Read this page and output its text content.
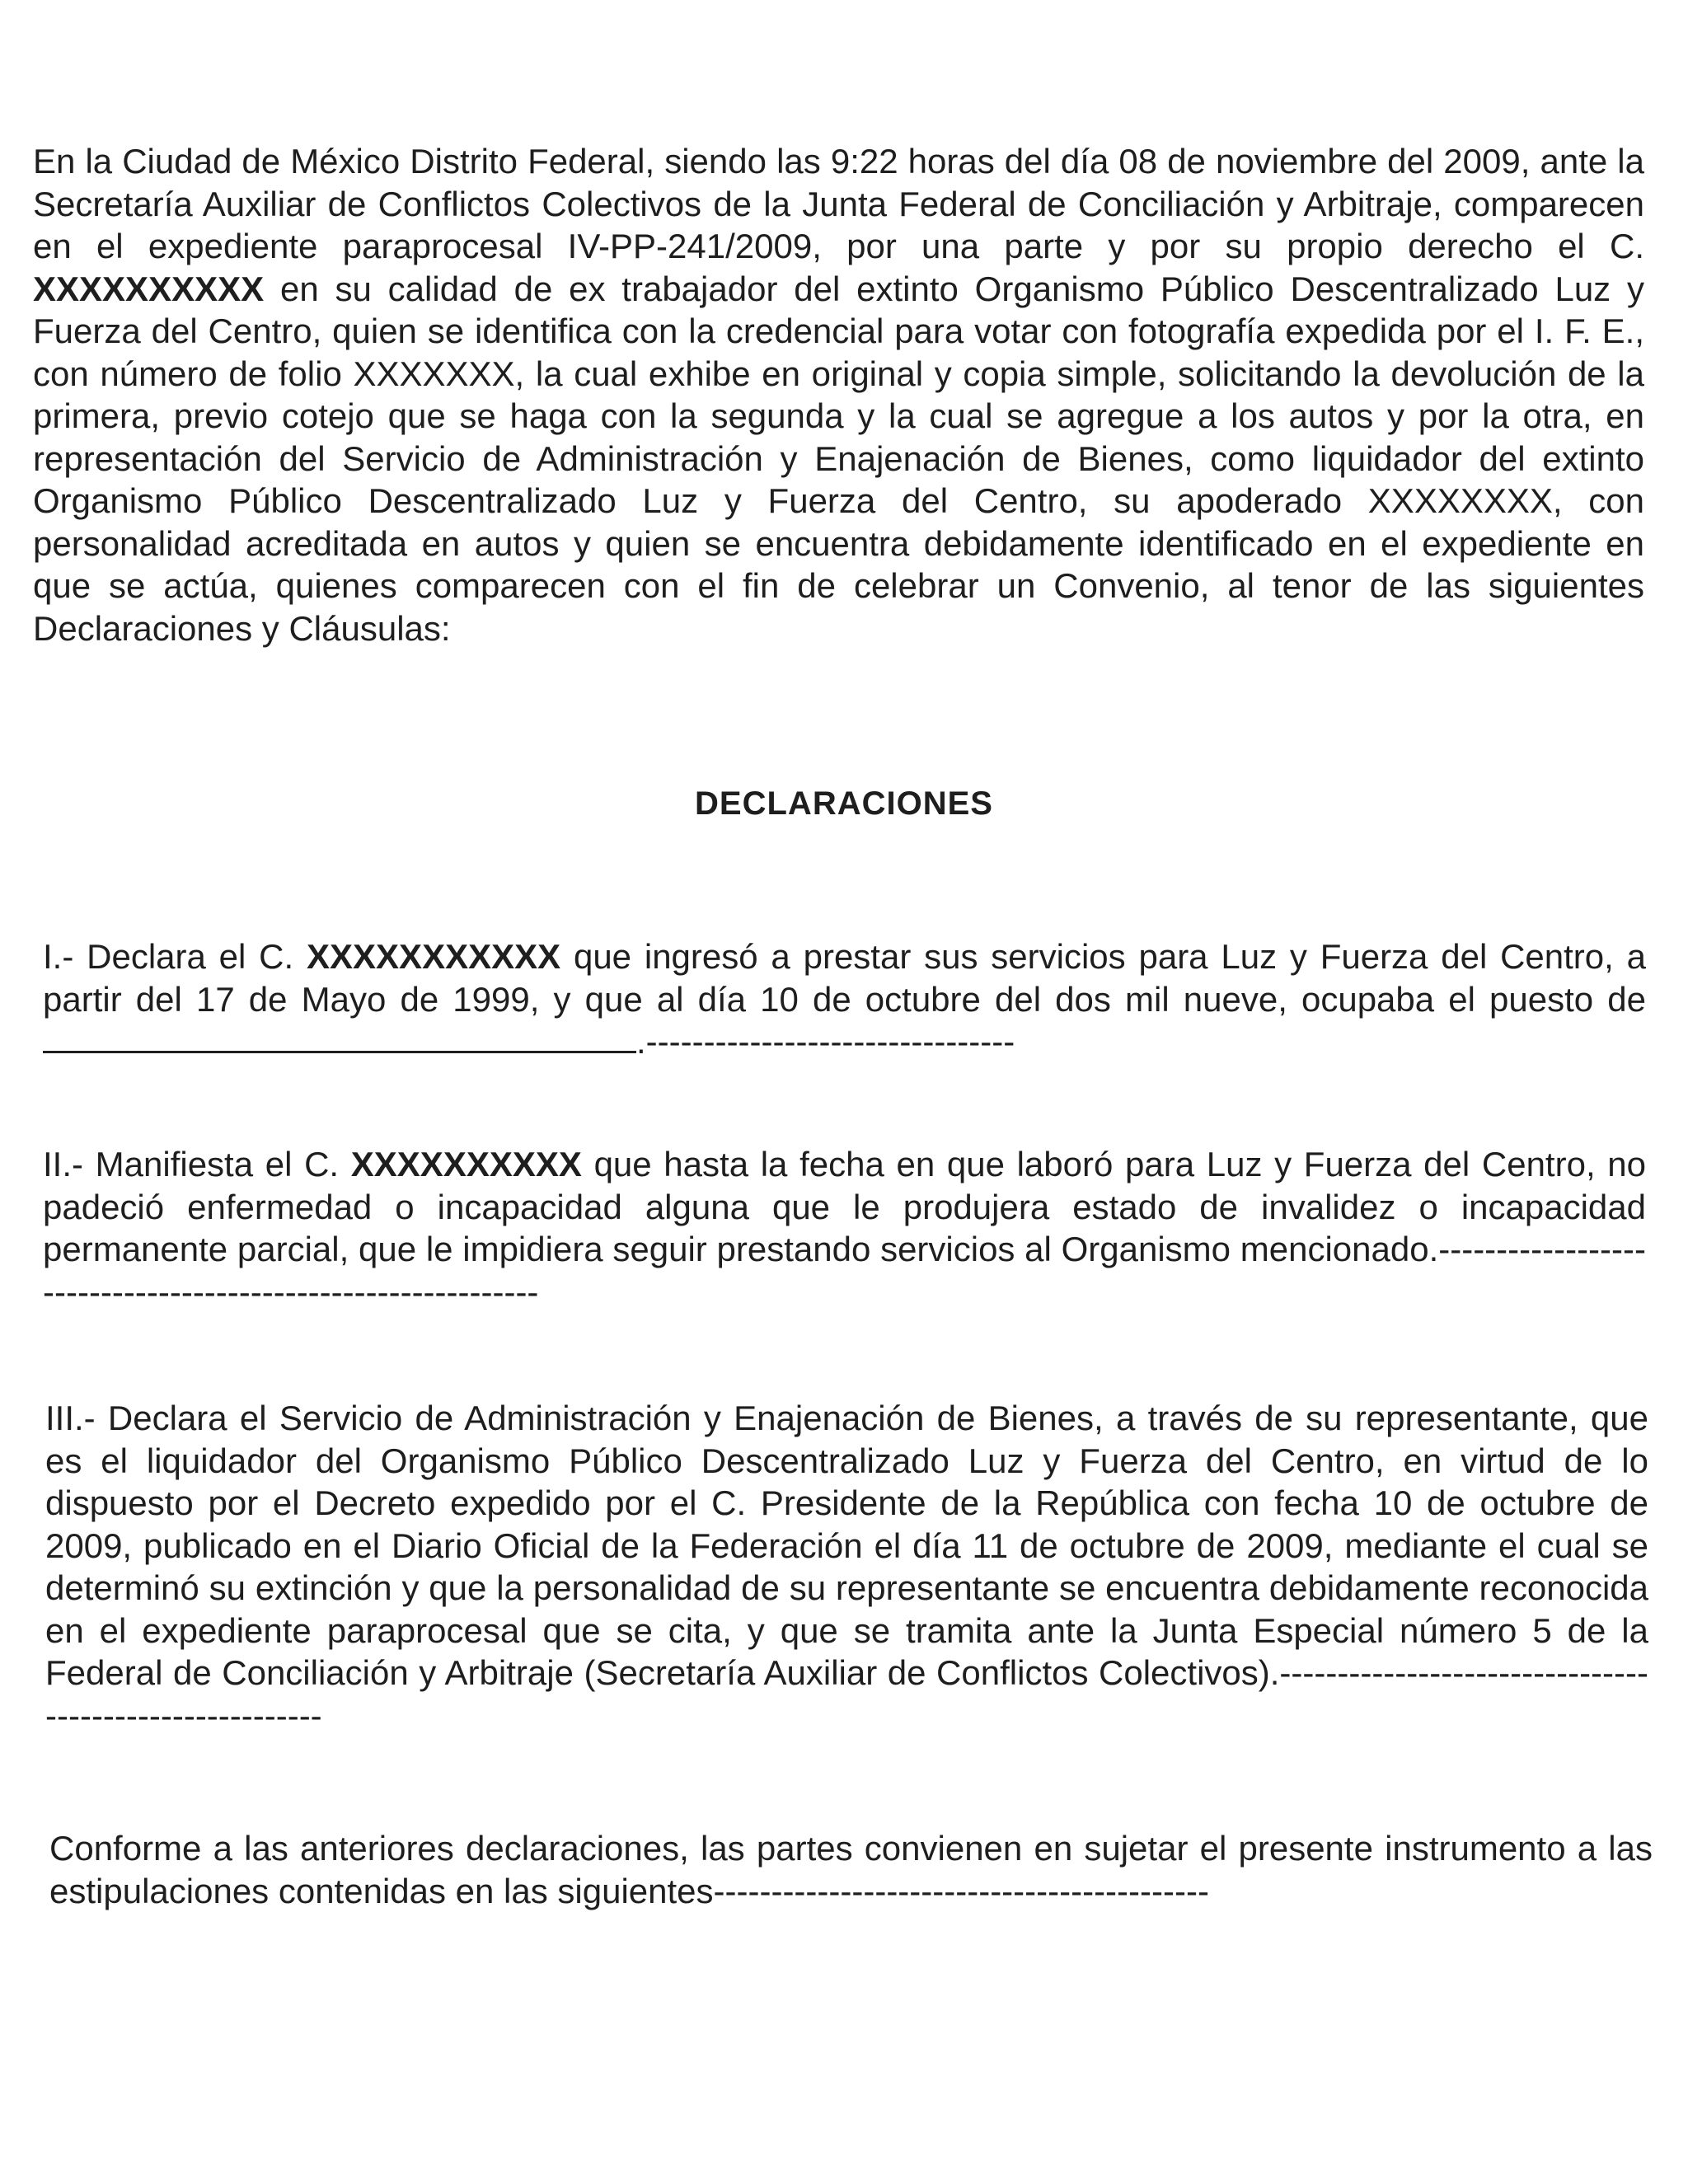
En la Ciudad de México Distrito Federal, siendo las 9:22 horas del día 08 de noviembre del 2009, ante la Secretaría Auxiliar de Conflictos Colectivos de la Junta Federal de Conciliación y Arbitraje, comparecen en el expediente paraprocesal IV-PP-241/2009, por una parte y por su propio derecho el C. XXXXXXXXXX en su calidad de ex trabajador del extinto Organismo Público Descentralizado Luz y Fuerza del Centro, quien se identifica con la credencial para votar con fotografía expedida por el I. F. E., con número de folio XXXXXXX, la cual exhibe en original y copia simple, solicitando la devolución de la primera, previo cotejo que se haga con la segunda y la cual se agregue a los autos y por la otra, en representación del Servicio de Administración y Enajenación de Bienes, como liquidador del extinto Organismo Público Descentralizado Luz y Fuerza del Centro, su apoderado XXXXXXXX, con personalidad acreditada en autos y quien se encuentra debidamente identificado en el expediente en que se actúa, quienes comparecen con el fin de celebrar un Convenio, al tenor de las siguientes Declaraciones y Cláusulas:

DECLARACIONES

I.- Declara el C. XXXXXXXXXXX que ingresó a prestar sus servicios para Luz y Fuerza del Centro, a partir del 17 de Mayo de 1999, y que al día 10 de octubre del dos mil nueve, ocupaba el puesto de .--------------------------------

II.- Manifiesta el C. XXXXXXXXXX que hasta la fecha en que laboró para Luz y Fuerza del Centro, no padeció enfermedad o incapacidad alguna que le produjera estado de invalidez o incapacidad permanente parcial, que le impidiera seguir prestando servicios al Organismo mencionado.-------------------------------------------------------------

III.- Declara el Servicio de Administración y Enajenación de Bienes, a través de su representante, que es el liquidador del Organismo Público Descentralizado Luz y Fuerza del Centro, en virtud de lo dispuesto por el Decreto expedido por el C. Presidente de la República con fecha 10 de octubre de 2009, publicado en el Diario Oficial de la Federación el día 11 de octubre de 2009, mediante el cual se determinó su extinción y que la personalidad de su representante se encuentra debidamente reconocida en el expediente paraprocesal que se cita, y que se tramita ante la Junta Especial número 5 de la Federal de Conciliación y Arbitraje (Secretaría Auxiliar de Conflictos Colectivos).--------------------------------------------------------

Conforme a las anteriores declaraciones, las partes convienen en sujetar el presente instrumento a las estipulaciones contenidas en las siguientes-------------------------------------------
